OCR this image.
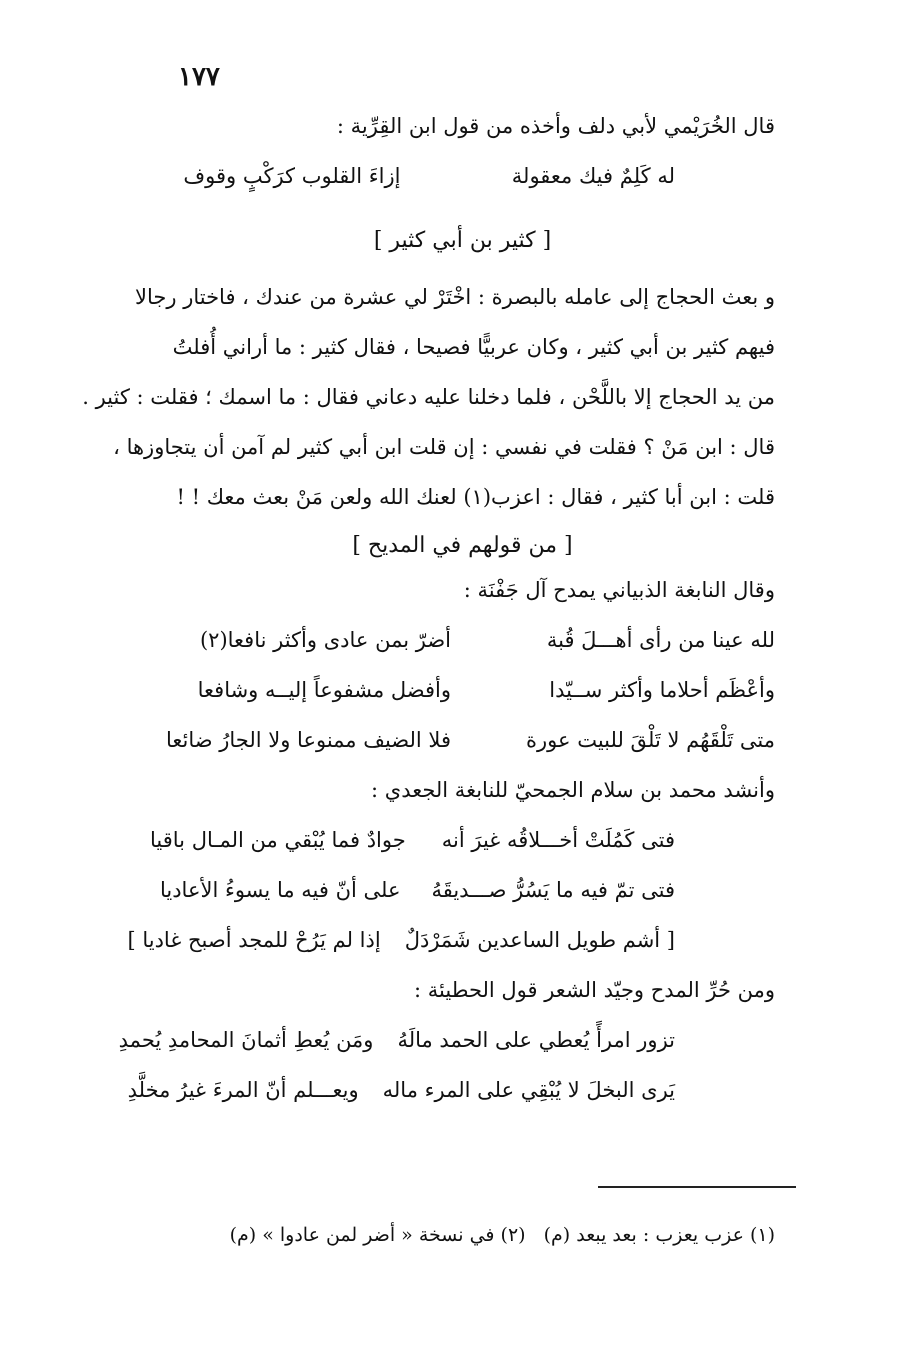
١٧٧

قال الخُرَيْمي لأبي دلف وأخذه من قول ابن القِرِّية :

له كَلِمٌ فيك معقولة
إزاءَ القلوب كرَكْبٍ وقوف
[ كثير بن أبي كثير ]

و بعث الحجاج إلى عامله بالبصرة : اخْتَرْ لي عشرة من عندك ، فاختار رجالا

فيهم كثير بن أبي كثير ، وكان عربيًّا فصيحا ، فقال كثير : ما أراني أُفلتُ

من يد الحجاج إلا باللَّحْن ، فلما دخلنا عليه دعاني فقال : ما اسمك ؛ فقلت : كثير .

قال : ابن مَنْ ؟ فقلت في نفسي : إن قلت ابن أبي كثير لم آمن أن يتجاوزها ،

قلت : ابن أبا كثير ، فقال : اعزب(١) لعنك الله ولعن مَنْ بعث معك ! !

[ من قولهم في المديح ]

وقال النابغة الذبياني يمدح آل جَفْنَة :

لله عينا من رأى أهـــلَ قُبة
أضرّ بمن عادى وأكثر نافعا(٢)
وأعْظَم أحلاما وأكثر ســيّدا
وأفضل مشفوعاً إليــه وشافعا
متى تَلْقَهُم لا تَلْقَ للبيت عورة
فلا الضيف ممنوعا ولا الجارُ ضائعا

وأنشد محمد بن سلام الجمحيّ للنابغة الجعدي :

فتى كَمُلَتْ أخـــلاقُه غيرَ أنه
جوادٌ فما يُبْقي من المـال باقيا
فتى تمّ فيه ما يَسُرُّ صـــديقَهُ
على أنّ فيه ما يسوءُ الأعاديا
[ أشم طويل الساعدين شَمَرْدَلٌ
إذا لم يَرُحْ للمجد أصبح غاديا ]

ومن حُرِّ المدح وجيّد الشعر قول الحطيئة :

تزور امرأً يُعطي على الحمد مالَهُ
ومَن يُعطِ أثمانَ المحامدِ يُحمدِ
يَرى البخلَ لا يُبْقِي على المرء ماله
ويعـــلم أنّ المرءَ غيرُ مخلَّدِ
(١) عزب يعزب : بعد يبعد (م)(٢) في نسخة « أضر لمن عادوا » (م)
